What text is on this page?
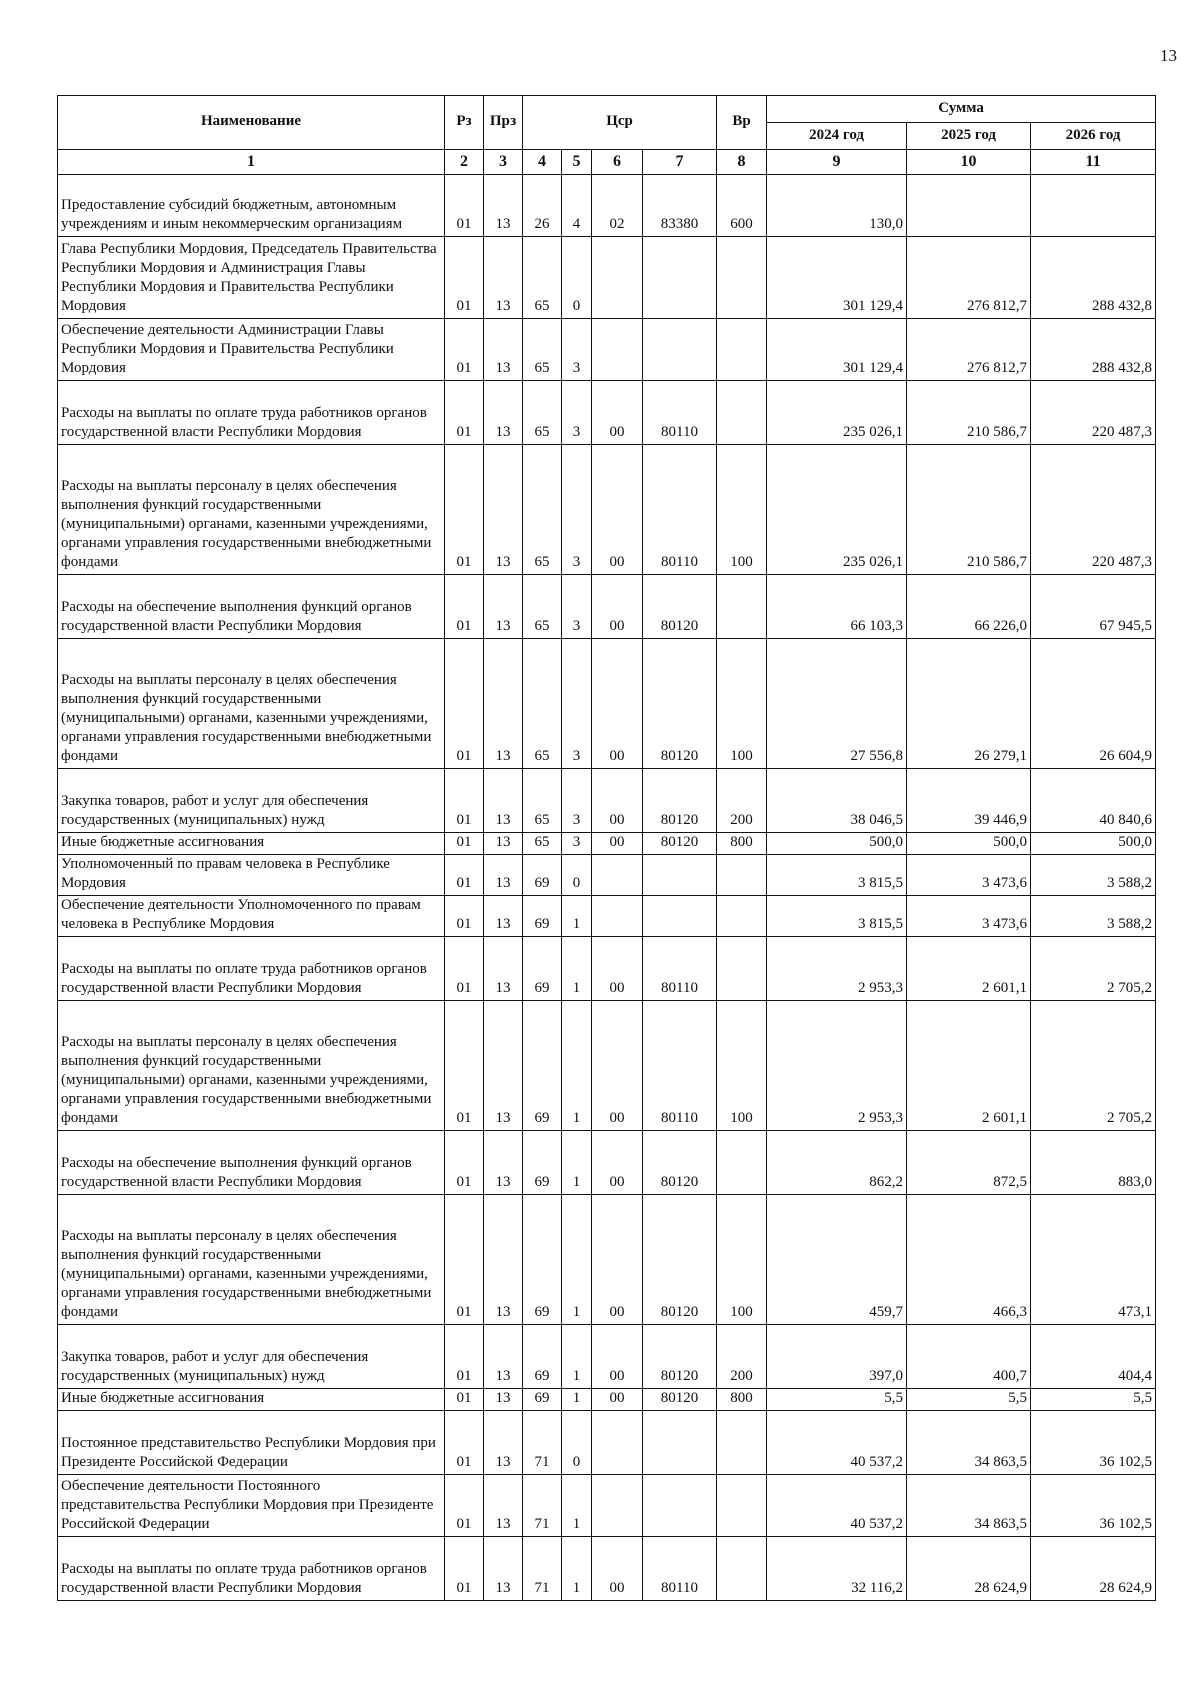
13
Наименование	Рз	Прз	Цср				Вр	Сумма		
								2024 год	2025 год	2026 год
1	2	3	4	5	6	7	8	9	10	11
Предоставление субсидий бюджетным, автономным учреждениям и иным некоммерческим организациям	01	13	26	4	02	83380	600	130,0		
Глава Республики Мордовия, Председатель Правительства Республики Мордовия и Администрация Главы Республики Мордовия и Правительства Республики Мордовия	01	13	65	0				301 129,4	276 812,7	288 432,8
Обеспечение деятельности Администрации Главы Республики Мордовия и Правительства Республики Мордовия	01	13	65	3				301 129,4	276 812,7	288 432,8
Расходы на выплаты по оплате труда работников органов государственной власти Республики Мордовия	01	13	65	3	00	80110		235 026,1	210 586,7	220 487,3
Расходы на выплаты персоналу в целях обеспечения выполнения функций государственными (муниципальными) органами, казенными учреждениями, органами управления государственными внебюджетными фондами	01	13	65	3	00	80110	100	235 026,1	210 586,7	220 487,3
Расходы на обеспечение выполнения функций органов государственной власти Республики Мордовия	01	13	65	3	00	80120		66 103,3	66 226,0	67 945,5
Расходы на выплаты персоналу в целях обеспечения выполнения функций государственными (муниципальными) органами, казенными учреждениями, органами управления государственными внебюджетными фондами	01	13	65	3	00	80120	100	27 556,8	26 279,1	26 604,9
Закупка товаров, работ и услуг для обеспечения государственных (муниципальных) нужд	01	13	65	3	00	80120	200	38 046,5	39 446,9	40 840,6
Иные бюджетные ассигнования	01	13	65	3	00	80120	800	500,0	500,0	500,0
Уполномоченный по правам человека в Республике Мордовия	01	13	69	0				3 815,5	3 473,6	3 588,2
Обеспечение деятельности Уполномоченного по правам человека в Республике Мордовия	01	13	69	1				3 815,5	3 473,6	3 588,2
Расходы на выплаты по оплате труда работников органов государственной власти Республики Мордовия	01	13	69	1	00	80110		2 953,3	2 601,1	2 705,2
Расходы на выплаты персоналу в целях обеспечения выполнения функций государственными (муниципальными) органами, казенными учреждениями, органами управления государственными внебюджетными фондами	01	13	69	1	00	80110	100	2 953,3	2 601,1	2 705,2
Расходы на обеспечение выполнения функций органов государственной власти Республики Мордовия	01	13	69	1	00	80120		862,2	872,5	883,0
Расходы на выплаты персоналу в целях обеспечения выполнения функций государственными (муниципальными) органами, казенными учреждениями, органами управления государственными внебюджетными фондами	01	13	69	1	00	80120	100	459,7	466,3	473,1
Закупка товаров, работ и услуг для обеспечения государственных (муниципальных) нужд	01	13	69	1	00	80120	200	397,0	400,7	404,4
Иные бюджетные ассигнования	01	13	69	1	00	80120	800	5,5	5,5	5,5
Постоянное представительство Республики Мордовия при Президенте Российской Федерации	01	13	71	0				40 537,2	34 863,5	36 102,5
Обеспечение деятельности Постоянного представительства Республики Мордовия при Президенте Российской Федерации	01	13	71	1				40 537,2	34 863,5	36 102,5
Расходы на выплаты по оплате труда работников органов государственной власти Республики Мордовия	01	13	71	1	00	80110		32 116,2	28 624,9	28 624,9
